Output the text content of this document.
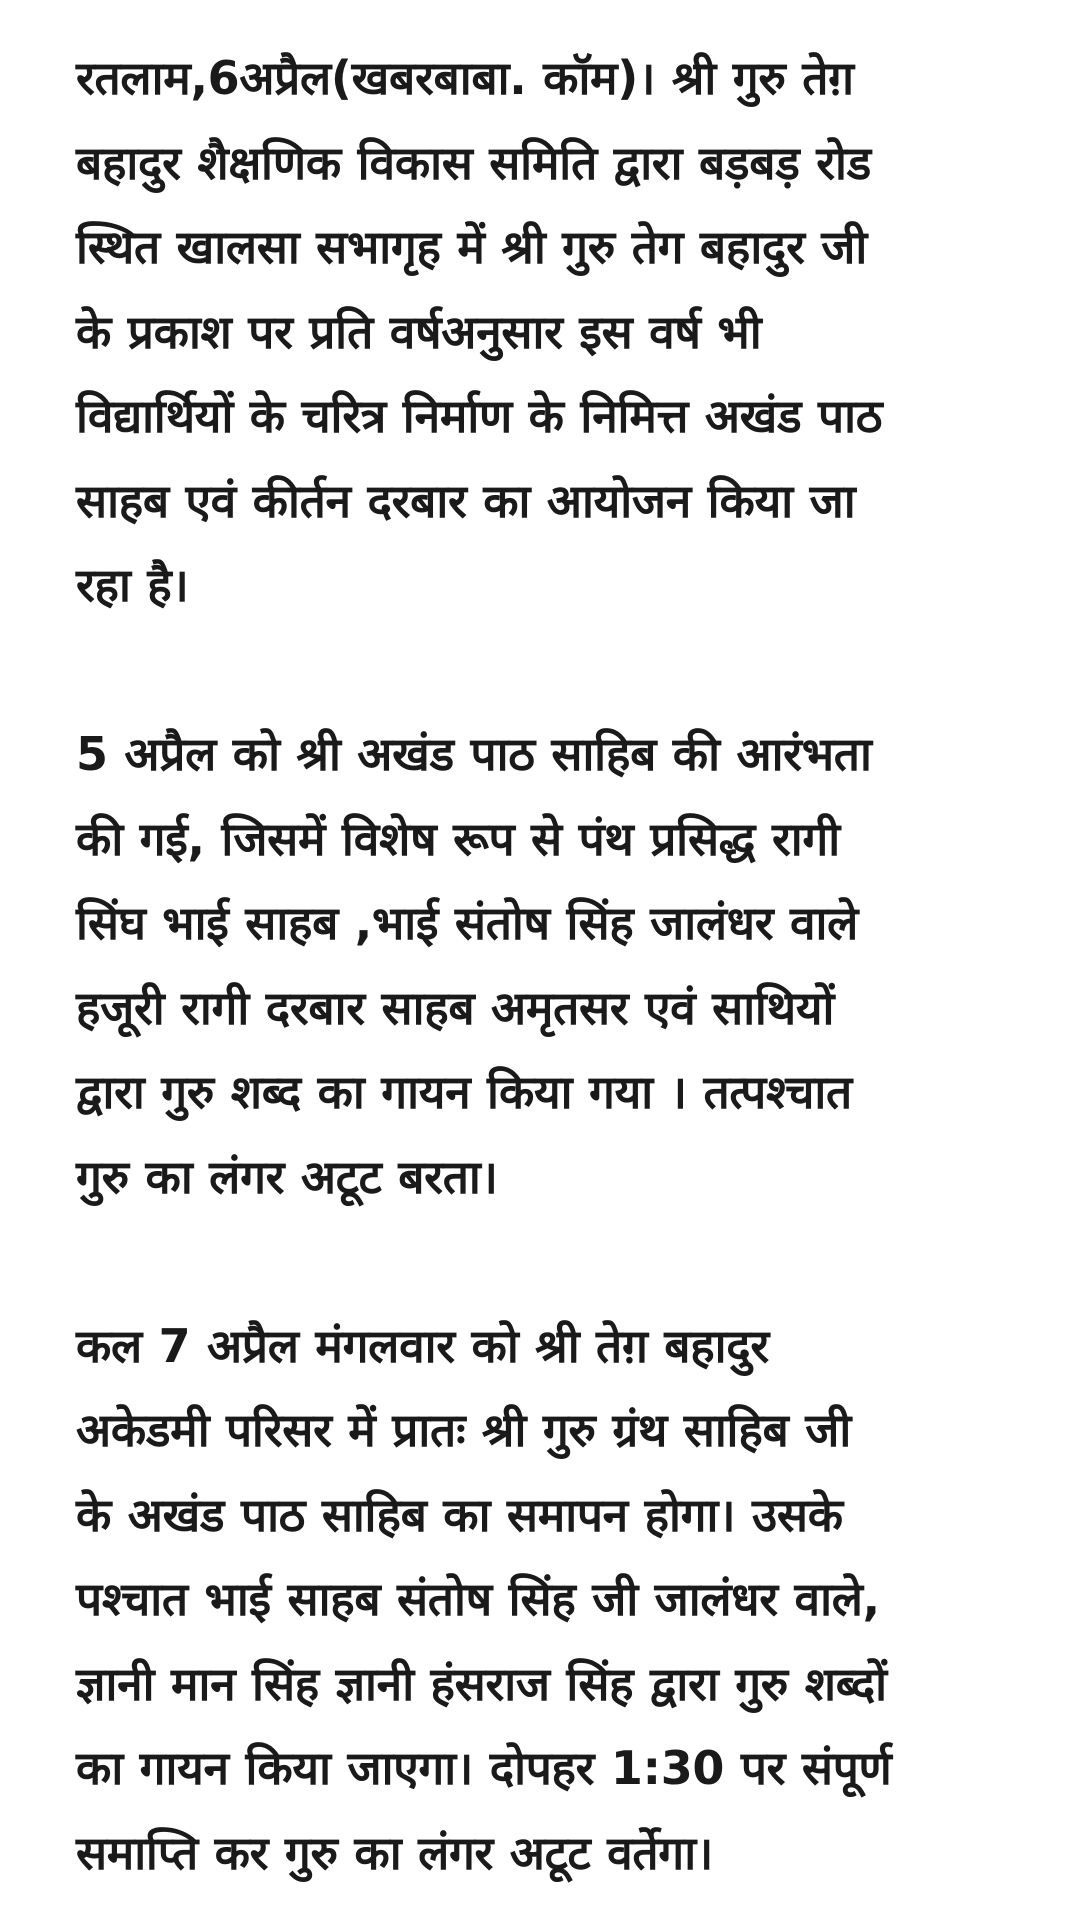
रतलाम,6अप्रैल(खबरबाबा. कॉम)। श्री गुरु तेग़
बहादुर शैक्षणिक विकास समिति द्वारा बड़बड़ रोड
स्थित खालसा सभागृह में श्री गुरु तेग बहादुर जी
के प्रकाश पर प्रति वर्षअनुसार इस वर्ष भी
विद्यार्थियों के चरित्र निर्माण के निमित्त अखंड पाठ
साहब एवं कीर्तन दरबार का आयोजन किया जा
रहा है।

5 अप्रैल को श्री अखंड पाठ साहिब की आरंभता
की गई, जिसमें विशेष रूप से पंथ प्रसिद्ध रागी
सिंघ भाई साहब ,भाई संतोष सिंह जालंधर वाले
हजूरी रागी दरबार साहब अमृतसर एवं साथियों
द्वारा गुरु शब्द का गायन किया गया । तत्पश्चात
गुरु का लंगर अटूट बरता।

कल 7 अप्रैल मंगलवार को श्री तेग़ बहादुर
अकेडमी परिसर में प्रातः श्री गुरु ग्रंथ साहिब जी
के अखंड पाठ साहिब का समापन होगा। उसके
पश्चात भाई साहब संतोष सिंह जी जालंधर वाले,
ज्ञानी मान सिंह ज्ञानी हंसराज सिंह द्वारा गुरु शब्दों
का गायन किया जाएगा। दोपहर 1:30 पर संपूर्ण
समाप्ति कर गुरु का लंगर अटूट वर्तेगा।
